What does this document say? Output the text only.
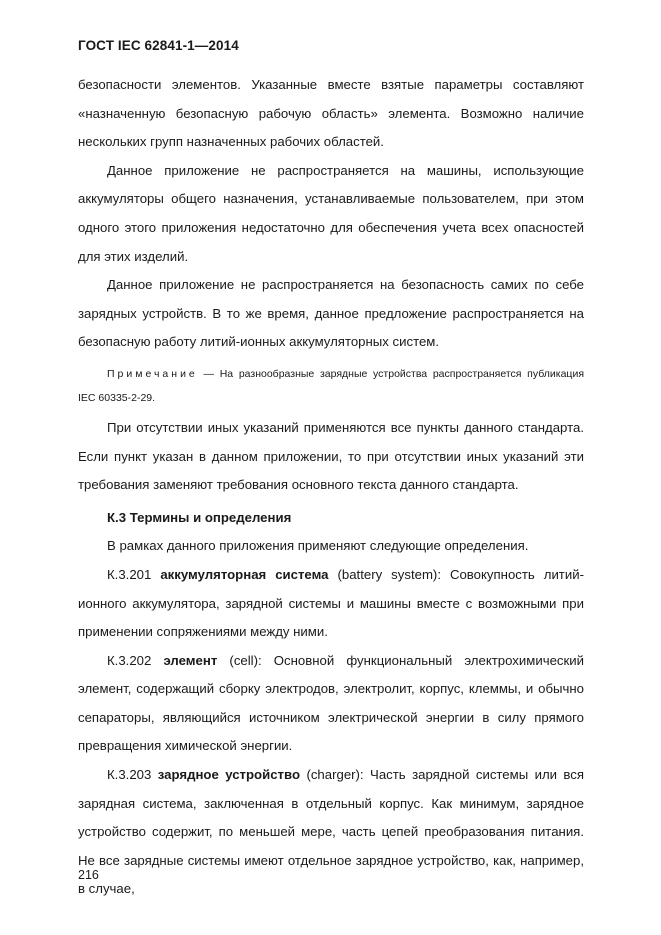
ГОСТ IEC 62841-1—2014

безопасности элементов. Указанные вместе взятые параметры составляют «назначенную безопасную рабочую область» элемента. Возможно наличие нескольких групп назначенных рабочих областей.

Данное приложение не распространяется на машины, использующие аккумуляторы общего назначения, устанавливаемые пользователем, при этом одного этого приложения недостаточно для обеспечения учета всех опасностей для этих изделий.

Данное приложение не распространяется на безопасность самих по себе зарядных устройств. В то же время, данное предложение распространяется на безопасную работу литий-ионных аккумуляторных систем.

Примечание — На разнообразные зарядные устройства распространяется публикация IEC 60335-2-29.

При отсутствии иных указаний применяются все пункты данного стандарта. Если пункт указан в данном приложении, то при отсутствии иных указаний эти требования заменяют требования основного текста данного стандарта.

К.3 Термины и определения

В рамках данного приложения применяют следующие определения.

К.3.201 аккумуляторная система (battery system): Совокупность литий-ионного аккумулятора, зарядной системы и машины вместе с возможными при применении сопряжениями между ними.

К.3.202 элемент (cell): Основной функциональный электрохимический элемент, содержащий сборку электродов, электролит, корпус, клеммы, и обычно сепараторы, являющийся источником электрической энергии в силу прямого превращения химической энергии.

К.3.203 зарядное устройство (charger): Часть зарядной системы или вся зарядная система, заключенная в отдельный корпус. Как минимум, зарядное устройство содержит, по меньшей мере, часть цепей преобразования питания. Не все зарядные системы имеют отдельное зарядное устройство, как, например, в случае,

216
